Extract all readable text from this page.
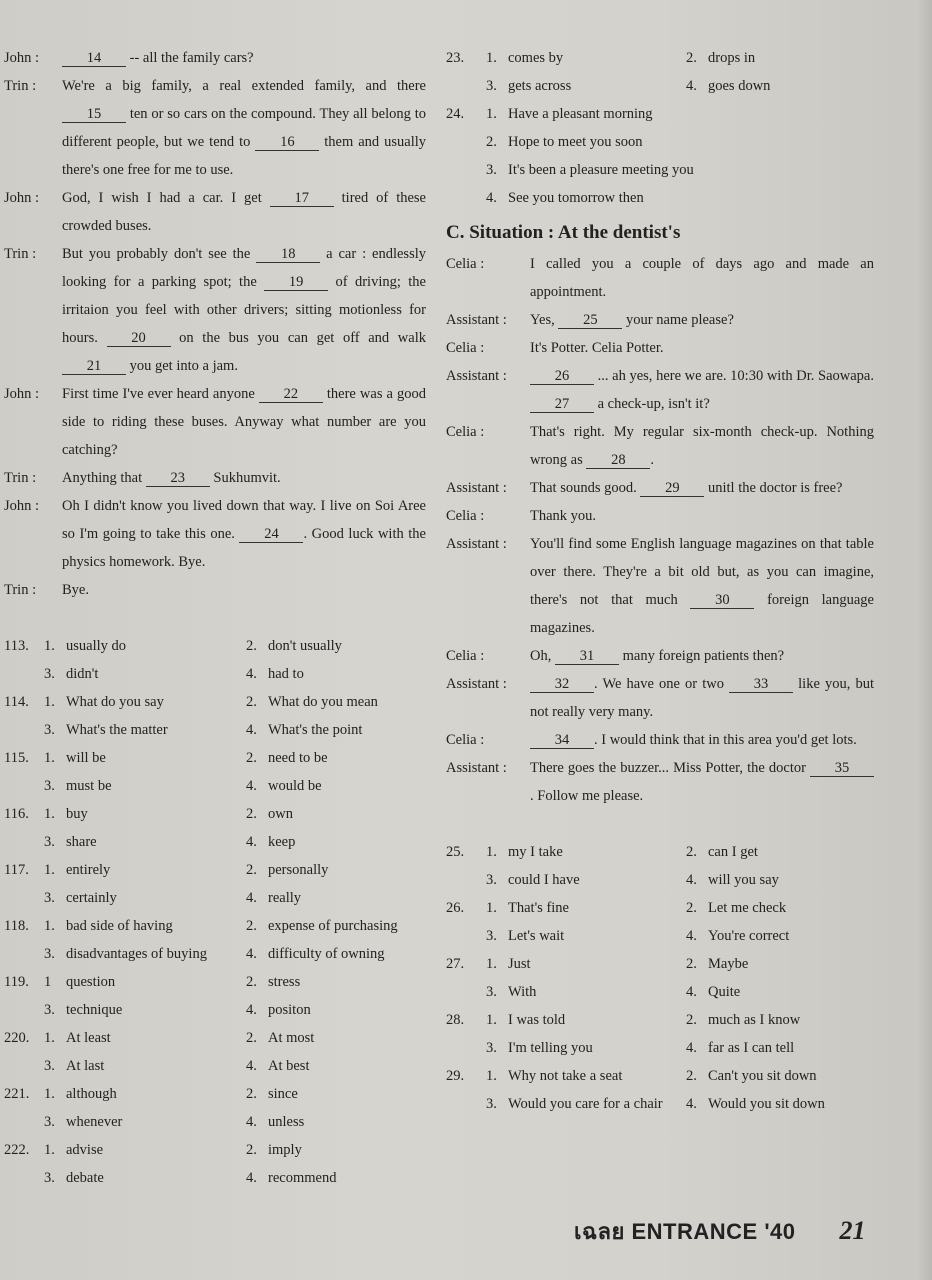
John :	14 -- all the family cars?
Trin :	We're a big family, a real extended family, and there 15 ten or so cars on the compound. They all belong to different people, but we tend to 16 them and usually there's one free for me to use.
John :	God, I wish I had a car. I get 17 tired of these crowded buses.
Trin :	But you probably don't see the 18 a car : endlessly looking for a parking spot; the 19 of driving; the irritaion you feel with other drivers; sitting motionless for hours. 20 on the bus you can get off and walk 21 you get into a jam.
John :	First time I've ever heard anyone 22 there was a good side to riding these buses. Anyway what number are you catching?
Trin :	Anything that 23 Sukhumvit.
John :	Oh I didn't know you lived down that way. I live on Soi Aree so I'm going to take this one. 24 . Good luck with the physics homework. Bye.
Trin :	Bye.
113.	1. usually do	2. don't usually
3. didn't	4. had to
114.	1. What do you say	2. What do you mean
3. What's the matter	4. What's the point
115.	1. will be	2. need to be
3. must be	4. would be
116.	1. buy	2. own
3. share	4. keep
117.	1. entirely	2. personally
3. certainly	4. really
118.	1. bad side of having	2. expense of purchasing
3. disadvantages of buying	4. difficulty of owning
119.	1	question	2. stress
3. technique	4. positon
220.	1. At least	2. At most
3. At last	4. At best
221.	1. although	2. since
3. whenever	4. unless
222.	1. advise	2. imply
3. debate	4. recommend
23.	1. comes by	2. drops in
3. gets across	4. goes down
24.	1. Have a pleasant morning
2. Hope to meet you soon
3. It's been a pleasure meeting you
4. See you tomorrow then
C. Situation : At the dentist's
Celia :	I called you a couple of days ago and made an appointment.
Assistant :	Yes, 25 your name please?
Celia :	It's Potter. Celia Potter.
Assistant :	26 ... ah yes, here we are. 10:30 with Dr. Saowapa. 27 a check-up, isn't it?
Celia :	That's right. My regular six-month check-up. Nothing wrong as 28 .
Assistant :	That sounds good. 29 unitl the doctor is free?
Celia :	Thank you.
Assistant :	You'll find some English language magazines on that table over there. They're a bit old but, as you can imagine, there's not that much 30 foreign language magazines.
Celia :	Oh, 31 many foreign patients then?
Assistant :	32 . We have one or two 33 like you, but not really very many.
Celia :	34 . I would think that in this area you'd get lots.
Assistant :	There goes the buzzer... Miss Potter, the doctor 35. Follow me please.
25.	1. my I take	2. can I get
3. could I have	4. will you say
26.	1. That's fine	2. Let me check
3. Let's wait	4. You're correct
27.	1. Just	2. Maybe
3. With	4. Quite
28.	1. I was told	2. much as I know
3. I'm telling you	4. far as I can tell
29.	1. Why not take a seat	2. Can't you sit down
3. Would you care for a chair 4. Would you sit down
เฉลย ENTRANCE '40 21
